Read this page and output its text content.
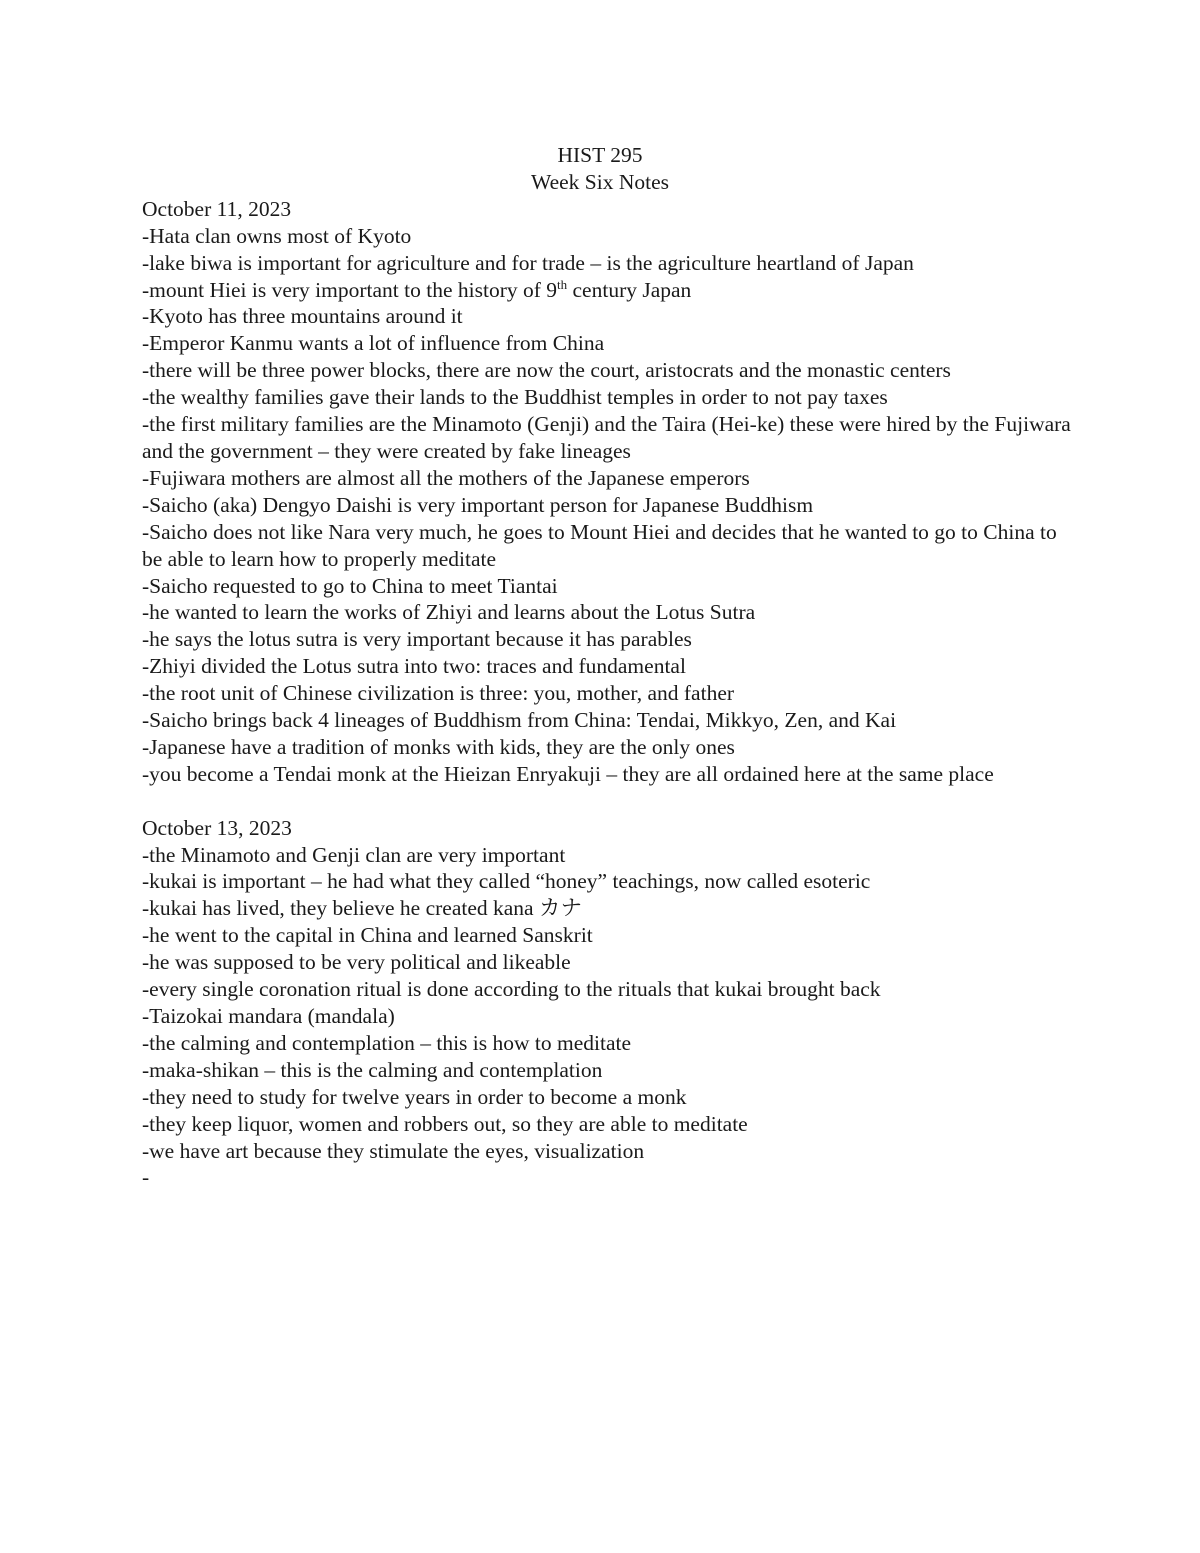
HIST 295
Week Six Notes
October 11, 2023
-Hata clan owns most of Kyoto
-lake biwa is important for agriculture and for trade – is the agriculture heartland of Japan
-mount Hiei is very important to the history of 9th century Japan
-Kyoto has three mountains around it
-Emperor Kanmu wants a lot of influence from China
-there will be three power blocks, there are now the court, aristocrats and the monastic centers
-the wealthy families gave their lands to the Buddhist temples in order to not pay taxes
-the first military families are the Minamoto (Genji) and the Taira (Hei-ke) these were hired by the Fujiwara and the government – they were created by fake lineages
-Fujiwara mothers are almost all the mothers of the Japanese emperors
-Saicho (aka) Dengyo Daishi is very important person for Japanese Buddhism
-Saicho does not like Nara very much, he goes to Mount Hiei and decides that he wanted to go to China to be able to learn how to properly meditate
-Saicho requested to go to China to meet Tiantai
-he wanted to learn the works of Zhiyi and learns about the Lotus Sutra
-he says the lotus sutra is very important because it has parables
-Zhiyi divided the Lotus sutra into two: traces and fundamental
-the root unit of Chinese civilization is three: you, mother, and father
-Saicho brings back 4 lineages of Buddhism from China: Tendai, Mikkyo, Zen, and Kai
-Japanese have a tradition of monks with kids, they are the only ones
-you become a Tendai monk at the Hieizan Enryakuji – they are all ordained here at the same place
October 13, 2023
-the Minamoto and Genji clan are very important
-kukai is important – he had what they called “honey” teachings, now called esoteric
-kukai has lived, they believe he created kana カナ
-he went to the capital in China and learned Sanskrit
-he was supposed to be very political and likeable
-every single coronation ritual is done according to the rituals that kukai brought back
-Taizokai mandara (mandala)
-the calming and contemplation – this is how to meditate
-maka-shikan – this is the calming and contemplation
-they need to study for twelve years in order to become a monk
-they keep liquor, women and robbers out, so they are able to meditate
-we have art because they stimulate the eyes, visualization
-
